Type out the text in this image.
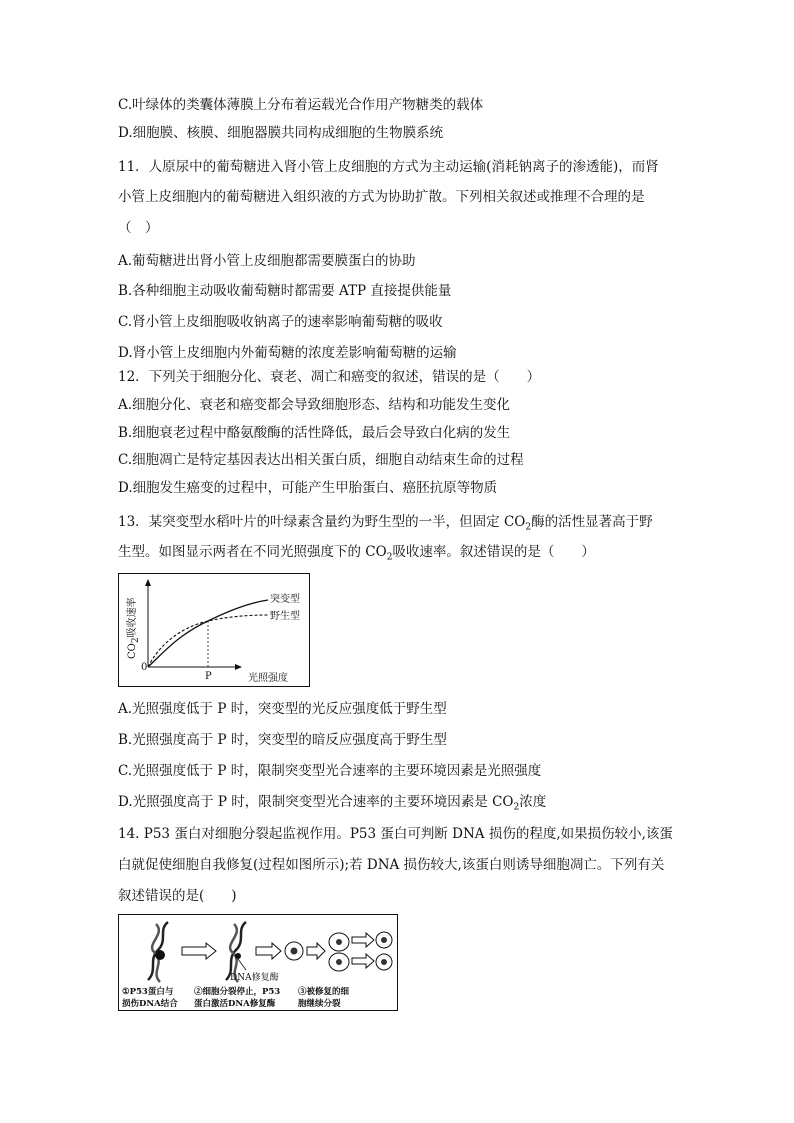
C.叶绿体的类囊体薄膜上分布着运载光合作用产物糖类的载体
D.细胞膜、核膜、细胞器膜共同构成细胞的生物膜系统
11．人原尿中的葡萄糖进入肾小管上皮细胞的方式为主动运输(消耗钠离子的渗透能)，而肾
小管上皮细胞内的葡萄糖进入组织液的方式为协助扩散。下列相关叙述或推理不合理的是
（　）
A.葡萄糖进出肾小管上皮细胞都需要膜蛋白的协助
B.各种细胞主动吸收葡萄糖时都需要 ATP 直接提供能量
C.肾小管上皮细胞吸收钠离子的速率影响葡萄糖的吸收
D.肾小管上皮细胞内外葡萄糖的浓度差影响葡萄糖的运输
12．下列关于细胞分化、衰老、凋亡和癌变的叙述，错误的是（　　）
A.细胞分化、衰老和癌变都会导致细胞形态、结构和功能发生变化
B.细胞衰老过程中酪氨酸酶的活性降低，最后会导致白化病的发生
C.细胞凋亡是特定基因表达出相关蛋白质，细胞自动结束生命的过程
D.细胞发生癌变的过程中，可能产生甲胎蛋白、癌胚抗原等物质
13．某突变型水稻叶片的叶绿素含量约为野生型的一半，但固定 $CO_2$酶的活性显著高于野
生型。如图显示两者在不同光照强度下的 $CO_2$吸收速率。叙述错误的是（　　）
CO2吸收速率
0
P	光照强度
突变型
野生型
A.光照强度低于 P 时，突变型的光反应强度低于野生型
B.光照强度高于 P 时，突变型的暗反应强度高于野生型
C.光照强度低于 P 时，限制突变型光合速率的主要环境因素是光照强度
D.光照强度高于 P 时，限制突变型光合速率的主要环境因素是 $CO_2$浓度
14. P53 蛋白对细胞分裂起监视作用。P53 蛋白可判断 DNA 损伤的程度,如果损伤较小,该蛋
白就促使细胞自我修复(过程如图所示);若 DNA 损伤较大,该蛋白则诱导细胞凋亡。下列有关
叙述错误的是(　　)
DNA修复酶
①P53蛋白与
损伤DNA结合
②细胞分裂停止，P53
蛋白激活DNA修复酶
③被修复的细
胞继续分裂
